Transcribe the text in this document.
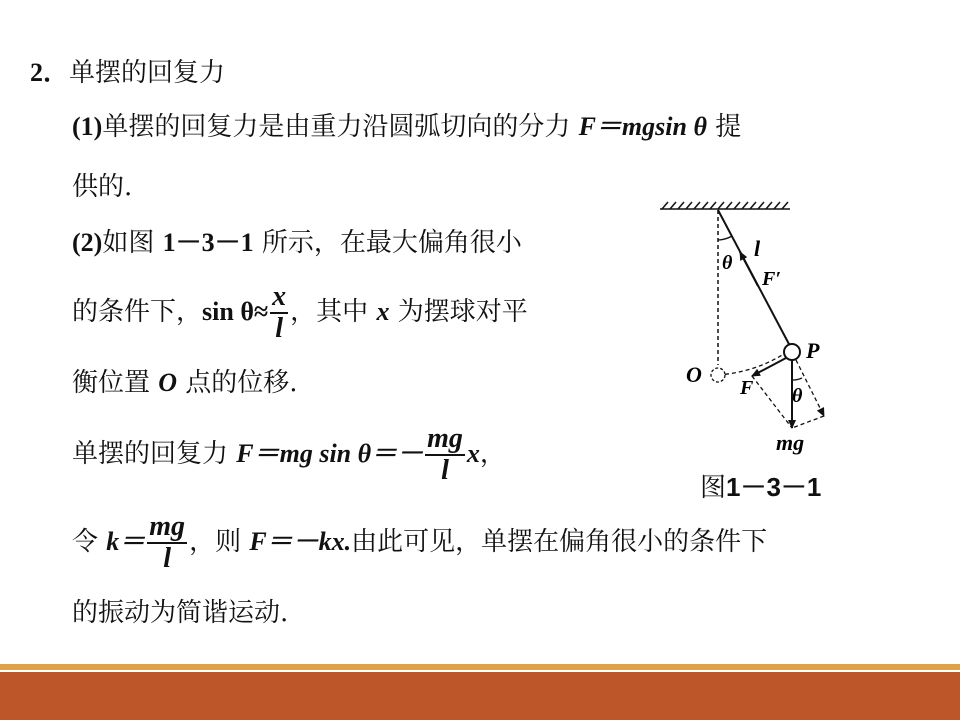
2．单摆的回复力
(1)单摆的回复力是由重力沿圆弧切向的分力 F＝mgsin θ 提
供的.
(2)如图 1－3－1 所示，在最大偏角很小
的条件下，$\sin \theta\approx \frac{x}{l}$ ，其中 x 为摆球对平
衡位置 O 点的位移.
单摆的回复力 F＝mg $\sin \theta=- \frac{mg}{l}$ x，
令 $k= \frac{mg}{l}$ ，则 F＝－kx.由此可见，单摆在偏角很小的条件下
的振动为简谐运动.
θ
l
F′
P
O
F θ
mg
图1－3－1
